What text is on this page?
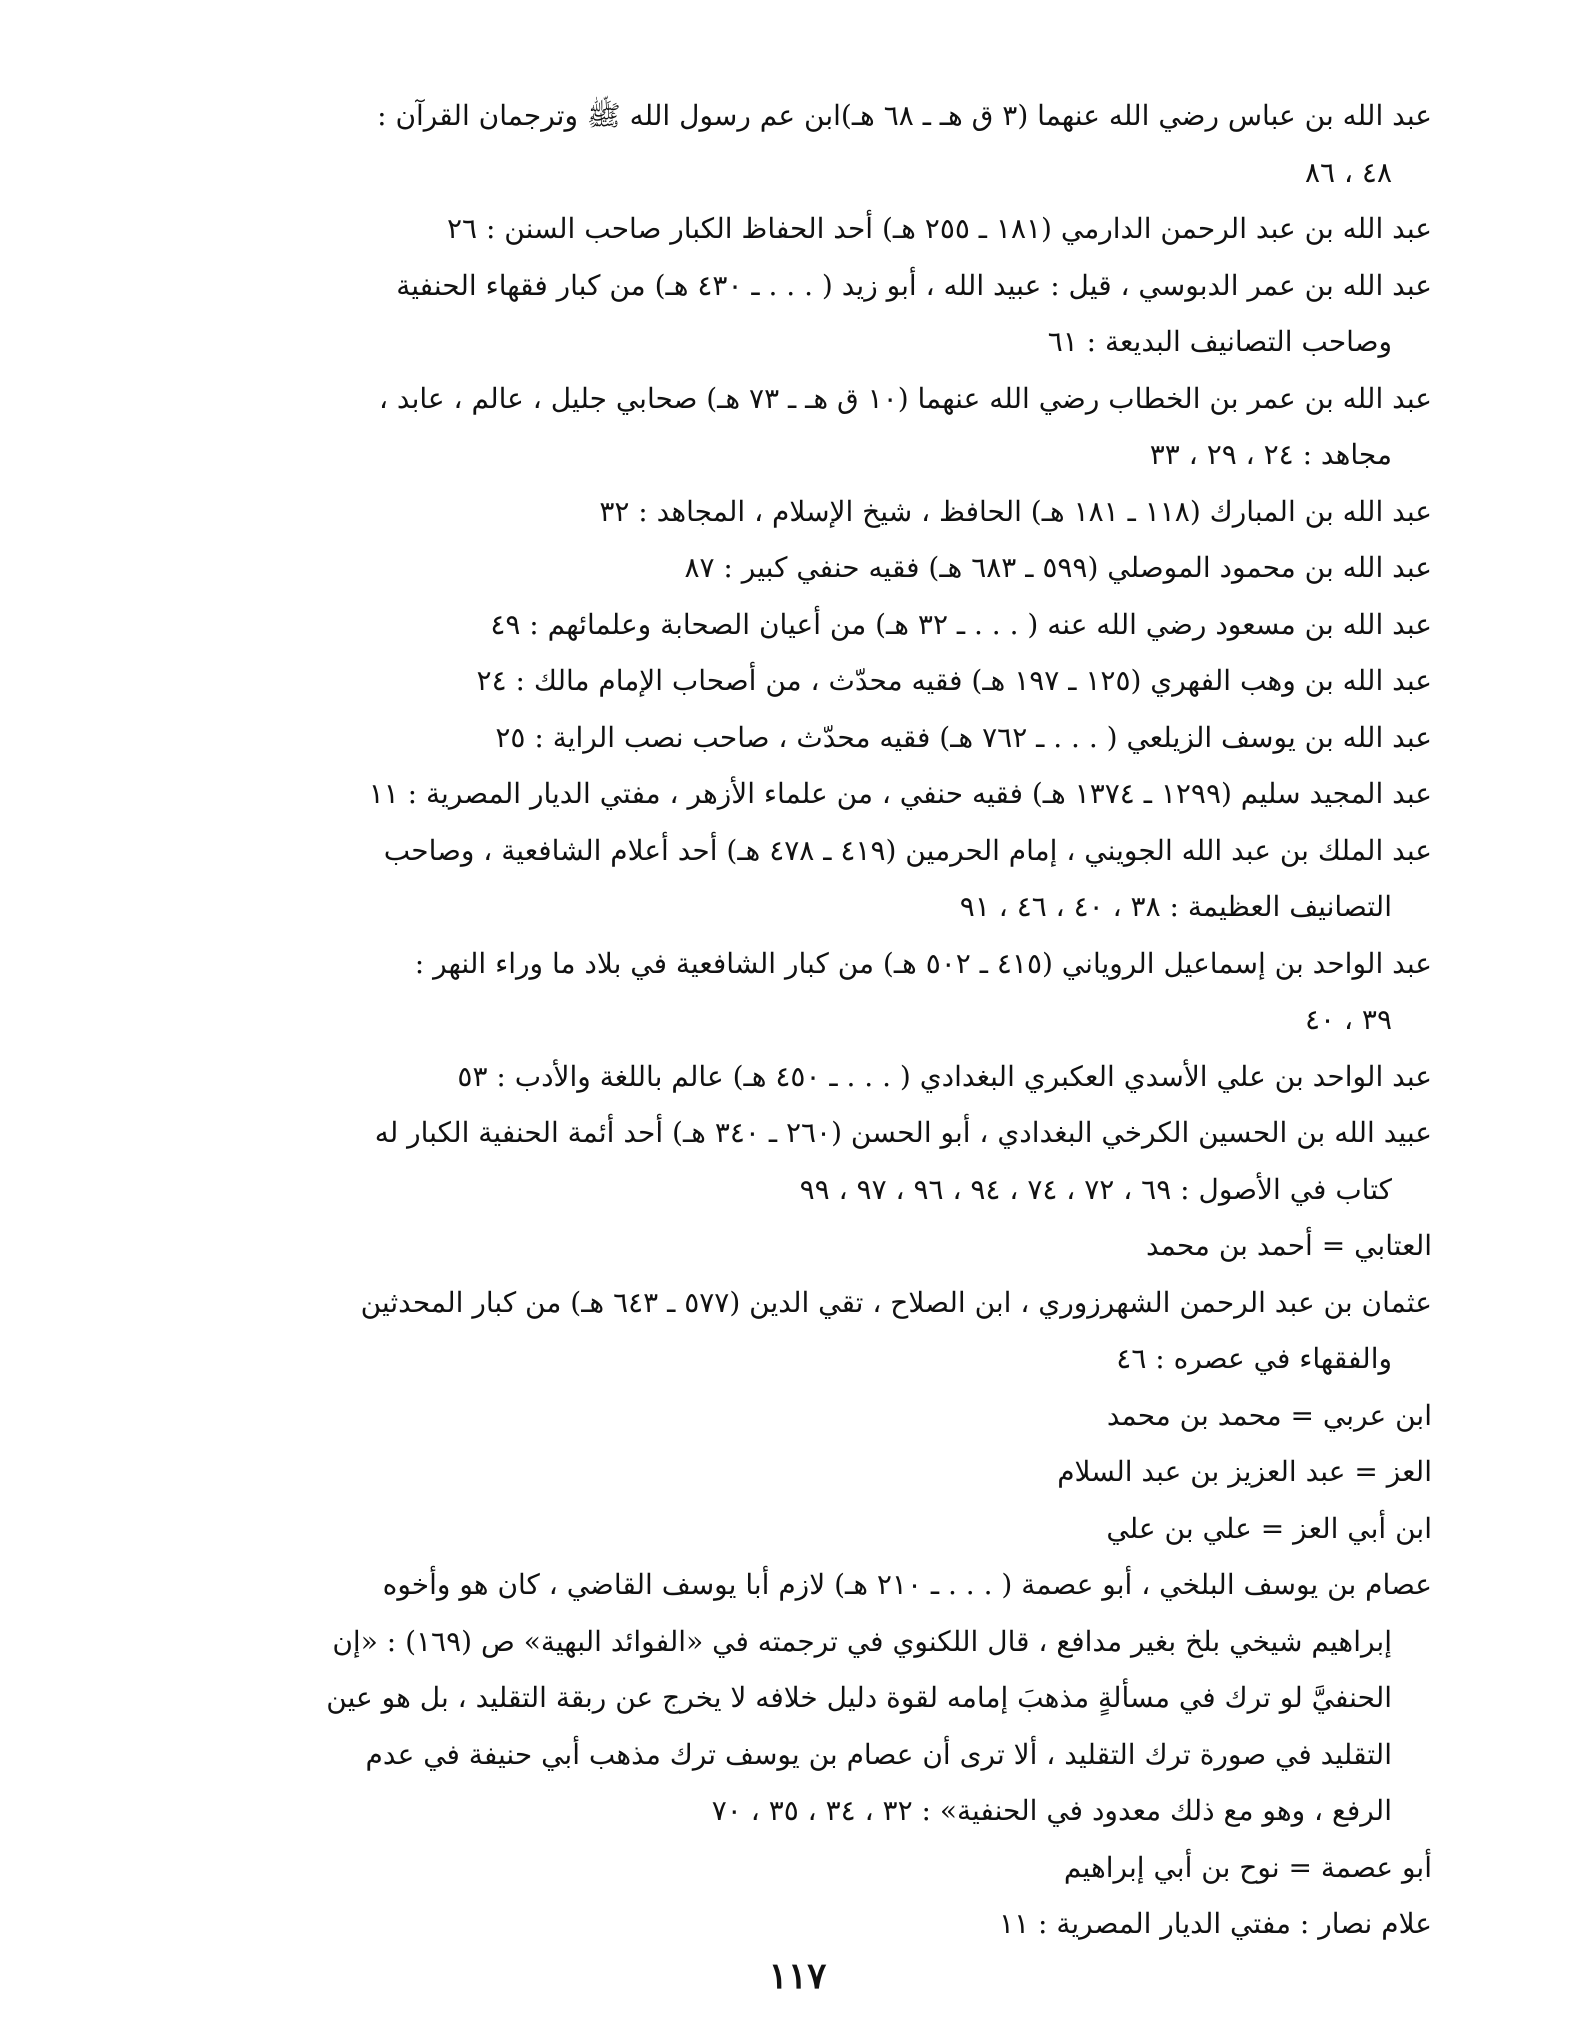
عبد الله بن عباس رضي الله عنهما (٣ ق هـ ـ ٦٨ هـ)ابن عم رسول الله ﷺ وترجمان القرآن :
٤٨ ، ٨٦
عبد الله بن عبد الرحمن الدارمي (١٨١ ـ ٢٥٥ هـ) أحد الحفاظ الكبار صاحب السنن : ٢٦
عبد الله بن عمر الدبوسي ، قيل : عبيد الله ، أبو زيد ( . . . ـ ٤٣٠ هـ) من كبار فقهاء الحنفية
وصاحب التصانيف البديعة : ٦١
عبد الله بن عمر بن الخطاب رضي الله عنهما (١٠ ق هـ ـ ٧٣ هـ) صحابي جليل ، عالم ، عابد ،
مجاهد : ٢٤ ، ٢٩ ، ٣٣
عبد الله بن المبارك (١١٨ ـ ١٨١ هـ) الحافظ ، شيخ الإسلام ، المجاهد : ٣٢
عبد الله بن محمود الموصلي (٥٩٩ ـ ٦٨٣ هـ) فقيه حنفي كبير : ٨٧
عبد الله بن مسعود رضي الله عنه ( . . . ـ ٣٢ هـ) من أعيان الصحابة وعلمائهم : ٤٩
عبد الله بن وهب الفهري (١٢٥ ـ ١٩٧ هـ) فقيه محدّث ، من أصحاب الإمام مالك : ٢٤
عبد الله بن يوسف الزيلعي ( . . . ـ ٧٦٢ هـ) فقيه محدّث ، صاحب نصب الراية : ٢٥
عبد المجيد سليم (١٢٩٩ ـ ١٣٧٤ هـ) فقيه حنفي ، من علماء الأزهر ، مفتي الديار المصرية : ١١
عبد الملك بن عبد الله الجويني ، إمام الحرمين (٤١٩ ـ ٤٧٨ هـ) أحد أعلام الشافعية ، وصاحب
التصانيف العظيمة : ٣٨ ، ٤٠ ، ٤٦ ، ٩١
عبد الواحد بن إسماعيل الروياني (٤١٥ ـ ٥٠٢ هـ) من كبار الشافعية في بلاد ما وراء النهر :
٣٩ ، ٤٠
عبد الواحد بن علي الأسدي العكبري البغدادي ( . . . ـ ٤٥٠ هـ) عالم باللغة والأدب : ٥٣
عبيد الله بن الحسين الكرخي البغدادي ، أبو الحسن (٢٦٠ ـ ٣٤٠ هـ) أحد أئمة الحنفية الكبار له
كتاب في الأصول : ٦٩ ، ٧٢ ، ٧٤ ، ٩٤ ، ٩٦ ، ٩٧ ، ٩٩
العتابي = أحمد بن محمد
عثمان بن عبد الرحمن الشهرزوري ، ابن الصلاح ، تقي الدين (٥٧٧ ـ ٦٤٣ هـ) من كبار المحدثين
والفقهاء في عصره : ٤٦
ابن عربي = محمد بن محمد
العز = عبد العزيز بن عبد السلام
ابن أبي العز = علي بن علي
عصام بن يوسف البلخي ، أبو عصمة ( . . . ـ ٢١٠ هـ) لازم أبا يوسف القاضي ، كان هو وأخوه
إبراهيم شيخي بلخ بغير مدافع ، قال اللكنوي في ترجمته في «الفوائد البهية» ص (١٦٩) : «إن
الحنفيَّ لو ترك في مسألةٍ مذهبَ إمامه لقوة دليل خلافه لا يخرج عن ربقة التقليد ، بل هو عين
التقليد في صورة ترك التقليد ، ألا ترى أن عصام بن يوسف ترك مذهب أبي حنيفة في عدم
الرفع ، وهو مع ذلك معدود في الحنفية» : ٣٢ ، ٣٤ ، ٣٥ ، ٧٠
أبو عصمة = نوح بن أبي إبراهيم
علام نصار : مفتي الديار المصرية : ١١
١١٧
